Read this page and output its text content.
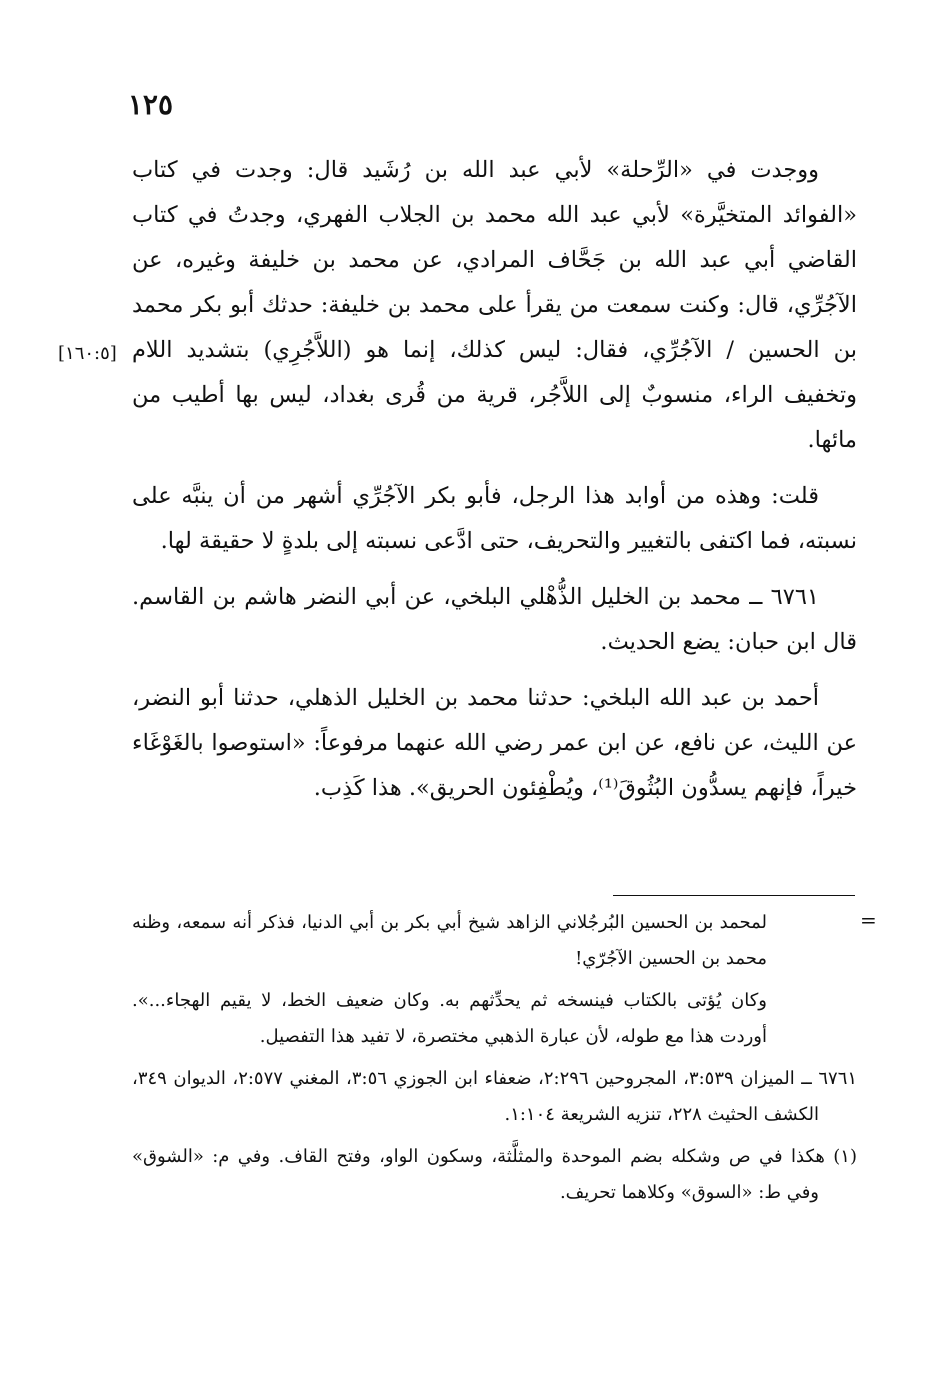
١٢٥
[١٦٠:٥]

ووجدت في «الرِّحلة» لأبي عبد الله بن رُشَيد قال: وجدت في كتاب «الفوائد المتخيَّرة» لأبي عبد الله محمد بن الجلاب الفهري، وجدتُ في كتاب القاضي أبي عبد الله بن جَحَّاف المرادي، عن محمد بن خليفة وغيره، عن الآجُرِّي، قال: وكنت سمعت من يقرأ على محمد بن خليفة: حدثك أبو بكر محمد بن الحسين / الآجُرِّي، فقال: ليس كذلك، إنما هو (اللاَّجُرِي) بتشديد اللام وتخفيف الراء، منسوبٌ إلى اللاَّجُر، قرية من قُرى بغداد، ليس بها أطيب من مائها.

قلت: وهذه من أوابد هذا الرجل، فأبو بكر الآجُرِّي أشهر من أن ينبَّه على نسبته، فما اكتفى بالتغيير والتحريف، حتى ادَّعى نسبته إلى بلدةٍ لا حقيقة لها.

٦٧٦١ ــ محمد بن الخليل الذُّهْلي البلخي، عن أبي النضر هاشم بن القاسم. قال ابن حبان: يضع الحديث.

أحمد بن عبد الله البلخي: حدثنا محمد بن الخليل الذهلي، حدثنا أبو النضر، عن الليث، عن نافع، عن ابن عمر رضي الله عنهما مرفوعاً: «استوصوا بالغَوْغَاء خيراً، فإنهم يسدُّون البُثُوقَ⁽¹⁾، ويُطْفِئون الحريق». هذا كَذِب.

=

لمحمد بن الحسين البُرجُلاني الزاهد شيخ أبي بكر بن أبي الدنيا، فذكر أنه سمعه، وظنه محمد بن الحسين الآجُرّي!

وكان يُؤتى بالكتاب فينسخه ثم يحدِّثهم به. وكان ضعيف الخط، لا يقيم الهجاء...». أوردت هذا مع طوله، لأن عبارة الذهبي مختصرة، لا تفيد هذا التفصيل.

٦٧٦١ ــ الميزان ٣:٥٣٩، المجروحين ٢:٢٩٦، ضعفاء ابن الجوزي ٣:٥٦، المغني ٢:٥٧٧، الديوان ٣٤٩، الكشف الحثيث ٢٢٨، تنزيه الشريعة ١:١٠٤.

(١) هكذا في ص وشكله بضم الموحدة والمثلَّثة، وسكون الواو، وفتح القاف. وفي م: «الشوق» وفي ط: «السوق» وكلاهما تحريف.
